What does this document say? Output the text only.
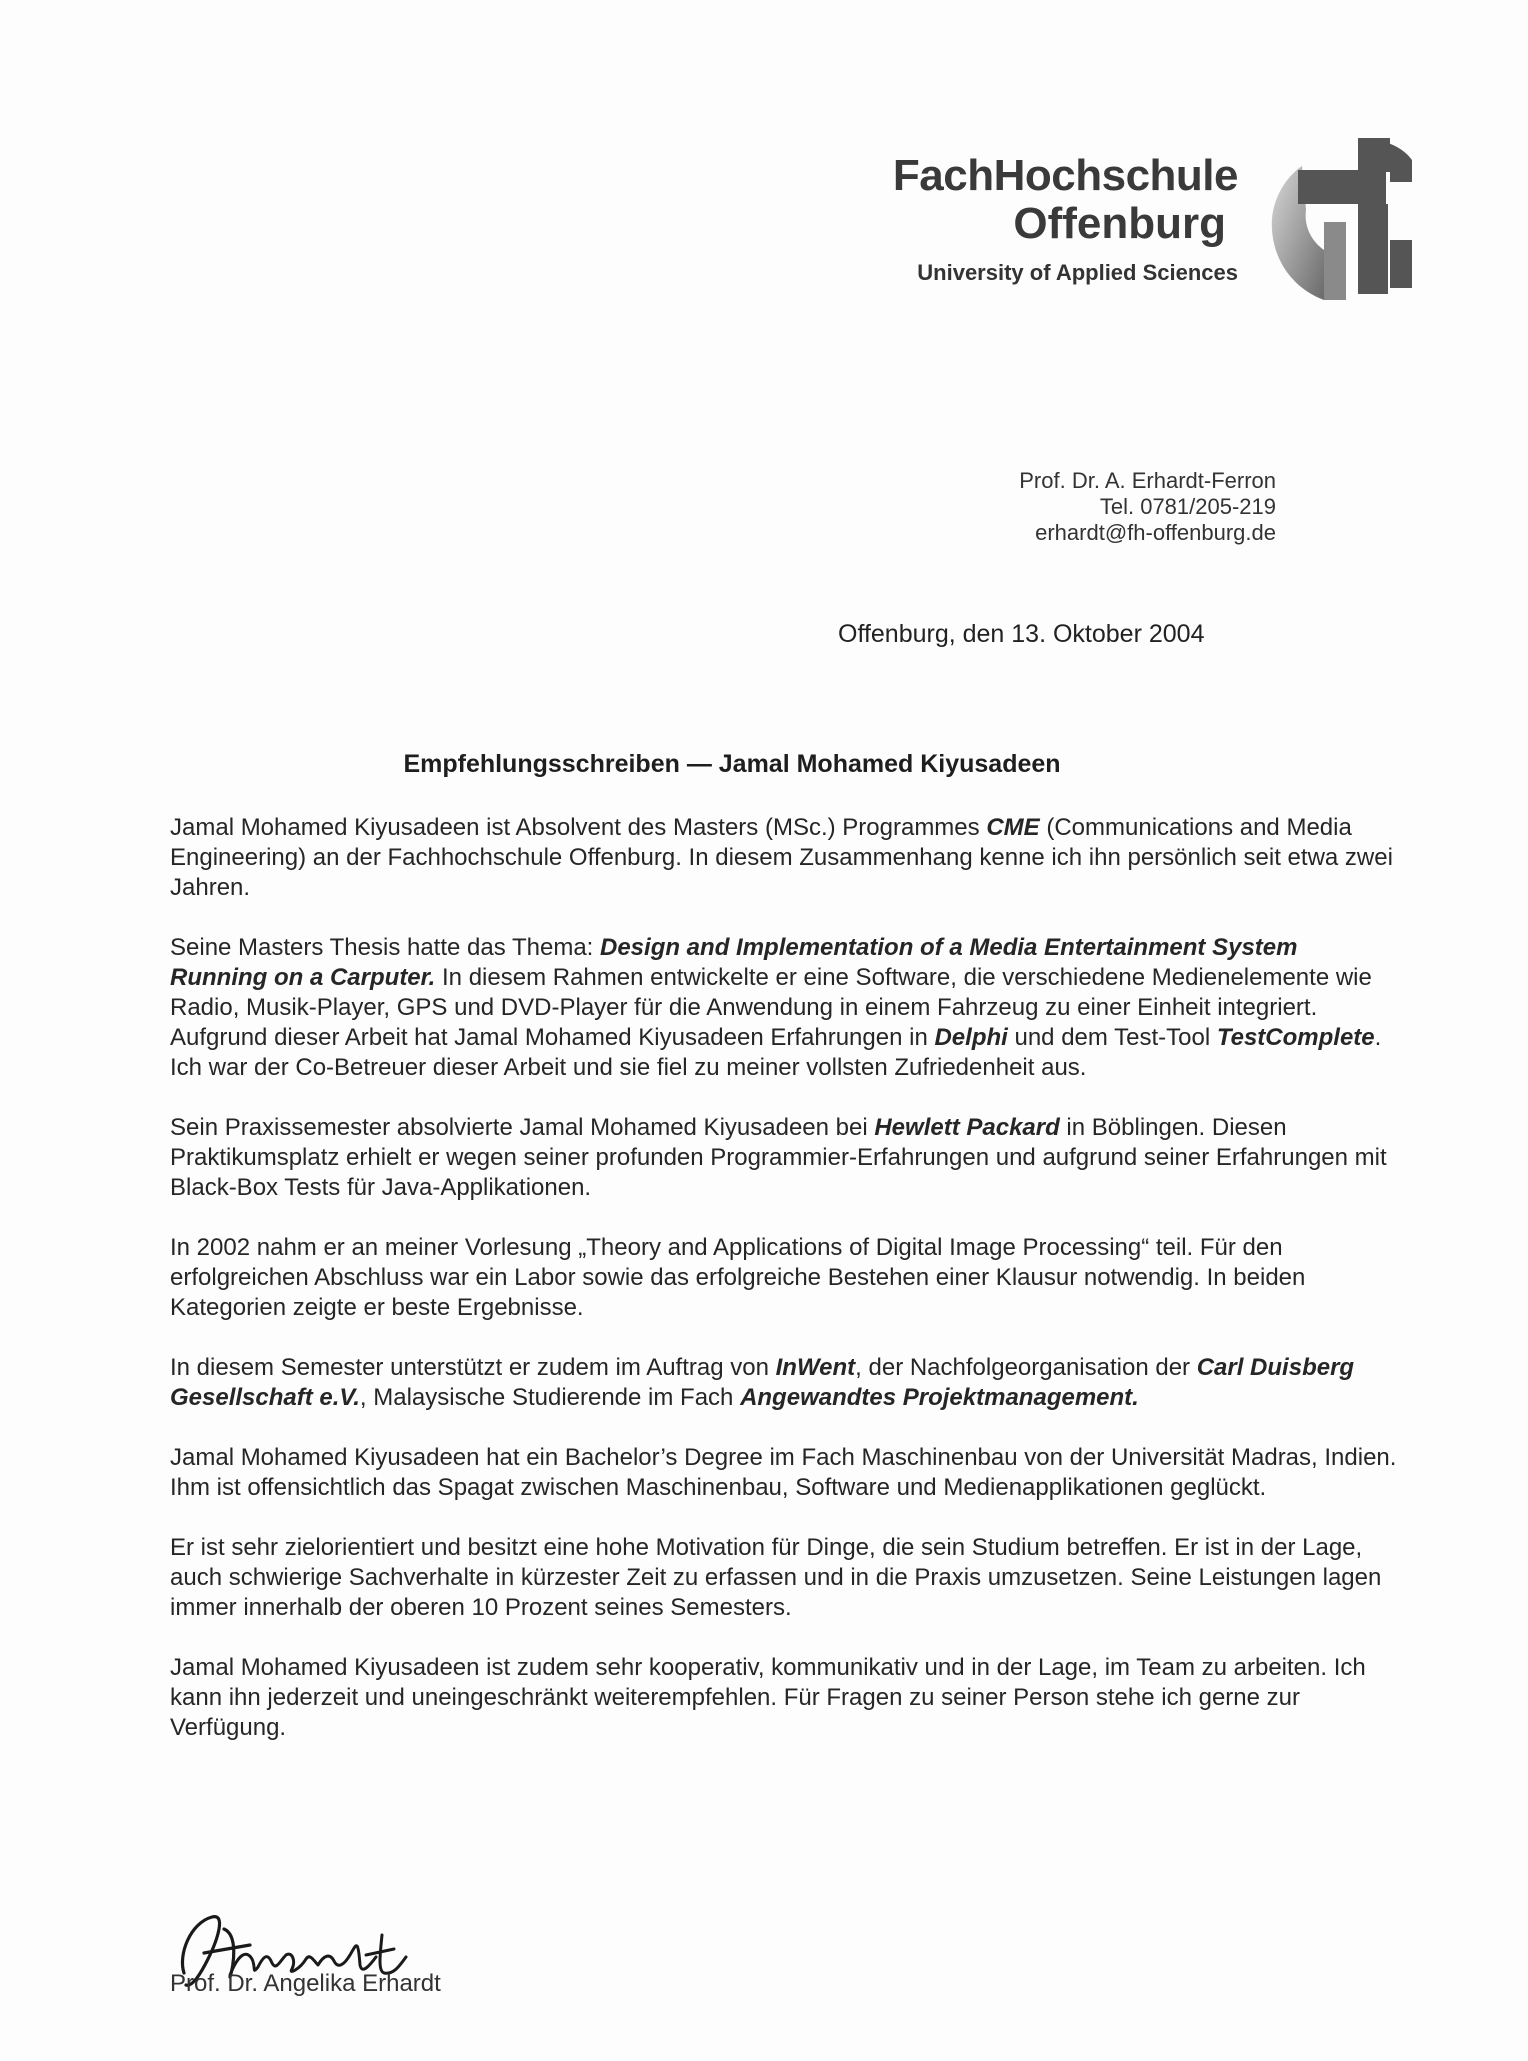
FachHochschule
Offenburg
University of Applied Sciences
Prof. Dr. A. Erhardt-Ferron
Tel. 0781/205-219
erhardt@fh-offenburg.de
Offenburg, den 13. Oktober 2004
Empfehlungsschreiben — Jamal Mohamed Kiyusadeen

Jamal Mohamed Kiyusadeen ist Absolvent des Masters (MSc.) Programmes CME (Communications and Media Engineering) an der Fachhochschule Offenburg. In diesem Zusammenhang kenne ich ihn persönlich seit etwa zwei Jahren.

Seine Masters Thesis hatte das Thema: Design and Implementation of a Media Entertainment System Running on a Carputer. In diesem Rahmen entwickelte er eine Software, die verschiedene Medienelemente wie Radio, Musik-Player, GPS und DVD-Player für die Anwendung in einem Fahrzeug zu einer Einheit integriert. Aufgrund dieser Arbeit hat Jamal Mohamed Kiyusadeen Erfahrungen in Delphi und dem Test-Tool TestComplete. Ich war der Co-Betreuer dieser Arbeit und sie fiel zu meiner vollsten Zufriedenheit aus.

Sein Praxissemester absolvierte Jamal Mohamed Kiyusadeen bei Hewlett Packard in Böblingen. Diesen Praktikumsplatz erhielt er wegen seiner profunden Programmier-Erfahrungen und aufgrund seiner Erfahrungen mit Black-Box Tests für Java-Applikationen.

In 2002 nahm er an meiner Vorlesung „Theory and Applications of Digital Image Processing“ teil. Für den erfolgreichen Abschluss war ein Labor sowie das erfolgreiche Bestehen einer Klausur notwendig. In beiden Kategorien zeigte er beste Ergebnisse.

In diesem Semester unterstützt er zudem im Auftrag von InWent, der Nachfolgeorganisation der Carl Duisberg Gesellschaft e.V., Malaysische Studierende im Fach Angewandtes Projektmanagement.

Jamal Mohamed Kiyusadeen hat ein Bachelor’s Degree im Fach Maschinenbau von der Universität Madras, Indien. Ihm ist offensichtlich das Spagat zwischen Maschinenbau, Software und Medienapplikationen geglückt.

Er ist sehr zielorientiert und besitzt eine hohe Motivation für Dinge, die sein Studium betreffen. Er ist in der Lage, auch schwierige Sachverhalte in kürzester Zeit zu erfassen und in die Praxis umzusetzen. Seine Leistungen lagen immer innerhalb der oberen 10 Prozent seines Semesters.

Jamal Mohamed Kiyusadeen ist zudem sehr kooperativ, kommunikativ und in der Lage, im Team zu arbeiten. Ich kann ihn jederzeit und uneingeschränkt weiterempfehlen. Für Fragen zu seiner Person stehe ich gerne zur Verfügung.

Prof. Dr. Angelika Erhardt
